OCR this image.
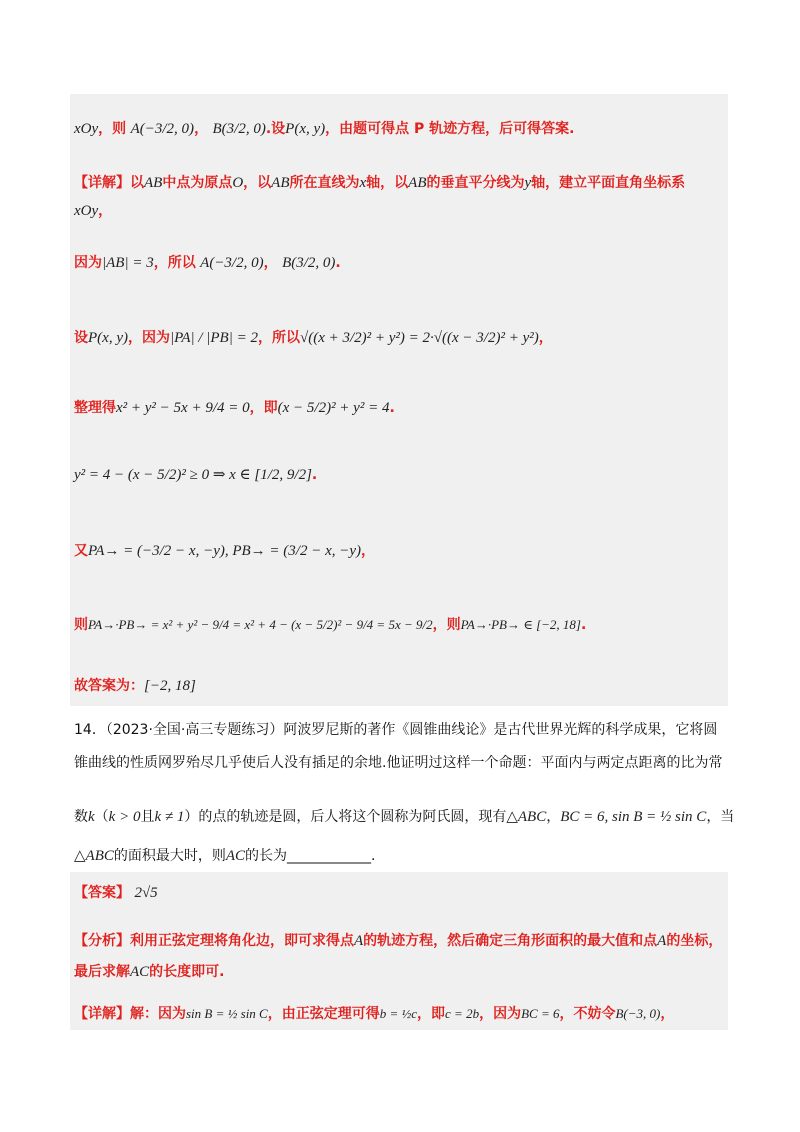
xOy，则 A(−3/2, 0)， B(3/2, 0).设P(x, y)，由题可得点 P 轨迹方程，后可得答案.
【详解】以AB中点为原点O，以AB所在直线为x轴，以AB的垂直平分线为y轴，建立平面直角坐标系
xOy，
因为|AB| = 3，所以 A(−3/2, 0)， B(3/2, 0).
设P(x, y)，因为|PA| / |PB| = 2，所以√((x + 3/2)² + y²) = 2·√((x − 3/2)² + y²)，
整理得x² + y² − 5x + 9/4 = 0，即(x − 5/2)² + y² = 4.
y² = 4 − (x − 5/2)² ≥ 0 ⇒ x ∈ [1/2, 9/2].
又PA→ = (−3/2 − x, −y), PB→ = (3/2 − x, −y)，
则PA→·PB→ = x² + y² − 9/4 = x² + 4 − (x − 5/2)² − 9/4 = 5x − 9/2，则PA→·PB→ ∈ [−2, 18].
故答案为：[−2, 18]
14．（2023·全国·高三专题练习）阿波罗尼斯的著作《圆锥曲线论》是古代世界光辉的科学成果，它将圆
锥曲线的性质网罗殆尽几乎使后人没有插足的余地.他证明过这样一个命题：平面内与两定点距离的比为常
数k（k > 0且k ≠ 1）的点的轨迹是圆，后人将这个圆称为阿氏圆，现有△ABC，BC = 6, sin B = ½ sin C，当
△ABC的面积最大时，则AC的长为____________.
【答案】 2√5
【分析】利用正弦定理将角化边，即可求得点A的轨迹方程，然后确定三角形面积的最大值和点A的坐标，
最后求解AC的长度即可.
【详解】解：因为sin B = ½ sin C，由正弦定理可得b = ½c，即c = 2b，因为BC = 6，不妨令B(−3, 0)，
